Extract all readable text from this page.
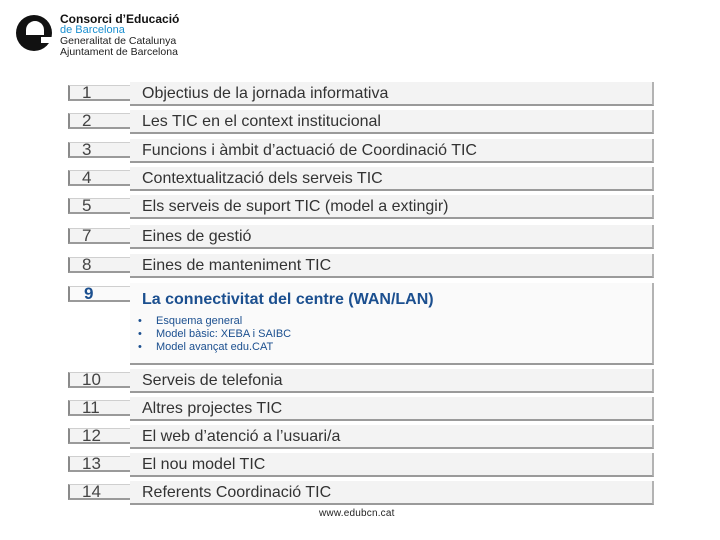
Consorci d’Educació
de Barcelona
Generalitat de Catalunya
Ajuntament de Barcelona
1	Objectius de la jornada informativa
2	Les TIC en el context institucional
3	Funcions i àmbit d’actuació de Coordinació TIC
4	Contextualització dels serveis TIC
5	Els serveis de suport TIC (model a extingir)
7	Eines de gestió
8	Eines de manteniment TIC
9	La connectivitat del centre (WAN/LAN)
• Esquema general
• Model bàsic: XEBA i SAIBC
• Model avançat edu.CAT
10	Serveis de telefonia
11	Altres projectes TIC
12	El web d’atenció a l’usuari/a
13	El nou model TIC
14	Referents Coordinació TIC
www.edubcn.cat
